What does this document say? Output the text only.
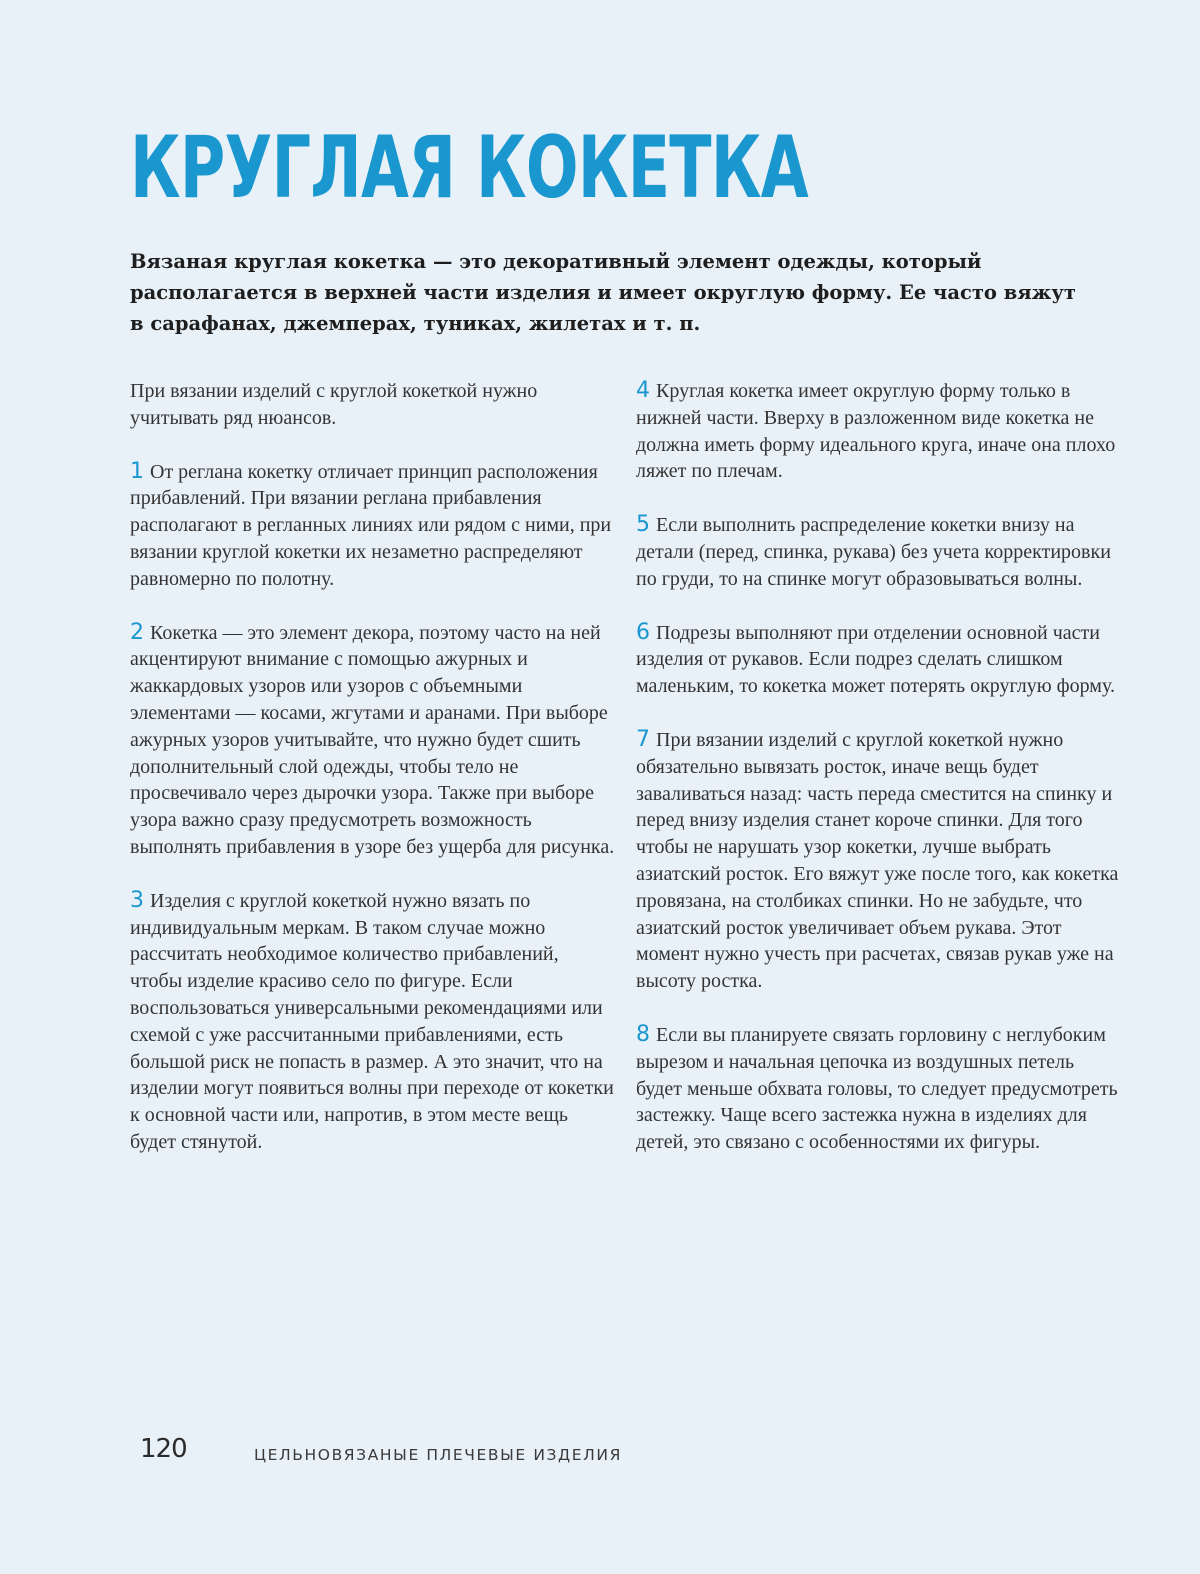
КРУГЛАЯ КОКЕТКА

Вязаная круглая кокетка — это декоративный элемент одежды, который располагается в верхней части изделия и имеет округлую форму. Ее часто вяжут в сарафанах, джемперах, туниках, жилетах и т. п.

При вязании изделий с круглой кокеткой нужно учитывать ряд нюансов.

1 От реглана кокетку отличает принцип расположения прибавлений. При вязании реглана прибавления располагают в регланных линиях или рядом с ними, при вязании круглой кокетки их незаметно распределяют равномерно по полотну.

2 Кокетка — это элемент декора, поэтому часто на ней акцентируют внимание с помощью ажурных и жаккардовых узоров или узоров с объемными элементами — косами, жгутами и аранами. При выборе ажурных узоров учитывайте, что нужно будет сшить дополнительный слой одежды, чтобы тело не просвечивало через дырочки узора. Также при выборе узора важно сразу предусмотреть возможность выполнять прибавления в узоре без ущерба для рисунка.

3 Изделия с круглой кокеткой нужно вязать по индивидуальным меркам. В таком случае можно рассчитать необходимое количество прибавлений, чтобы изделие красиво село по фигуре. Если воспользоваться универсальными рекомендациями или схемой с уже рассчитанными прибавлениями, есть большой риск не попасть в размер. А это значит, что на изделии могут появиться волны при переходе от кокетки к основной части или, напротив, в этом месте вещь будет стянутой.

4 Круглая кокетка имеет округлую форму только в нижней части. Вверху в разложенном виде кокетка не должна иметь форму идеального круга, иначе она плохо ляжет по плечам.

5 Если выполнить распределение кокетки внизу на детали (перед, спинка, рукава) без учета корректировки по груди, то на спинке могут образовываться волны.

6 Подрезы выполняют при отделении основной части изделия от рукавов. Если подрез сделать слишком маленьким, то кокетка может потерять округлую форму.

7 При вязании изделий с круглой кокеткой нужно обязательно вывязать росток, иначе вещь будет заваливаться назад: часть переда сместится на спинку и перед внизу изделия станет короче спинки. Для того чтобы не нарушать узор кокетки, лучше выбрать азиатский росток. Его вяжут уже после того, как кокетка провязана, на столбиках спинки. Но не забудьте, что азиатский росток увеличивает объем рукава. Этот момент нужно учесть при расчетах, связав рукав уже на высоту ростка.

8 Если вы планируете связать горловину с неглубоким вырезом и начальная цепочка из воздушных петель будет меньше обхвата головы, то следует предусмотреть застежку. Чаще всего застежка нужна в изделиях для детей, это связано с особенностями их фигуры.

120	ЦЕЛЬНОВЯЗАНЫЕ ПЛЕЧЕВЫЕ ИЗДЕЛИЯ
